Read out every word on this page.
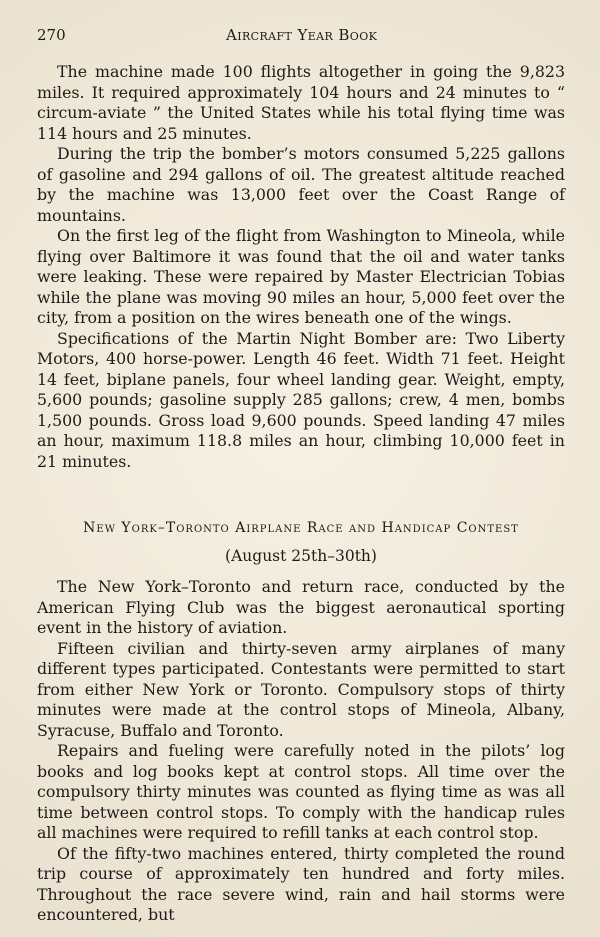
270	Aircraft Year Book

The machine made 100 flights altogether in going the 9,823 miles. It required approximately 104 hours and 24 minutes to “ circum-aviate ” the United States while his total flying time was 114 hours and 25 minutes.

During the trip the bomber’s motors consumed 5,225 gallons of gasoline and 294 gallons of oil. The greatest altitude reached by the machine was 13,000 feet over the Coast Range of mountains.

On the first leg of the flight from Washington to Mineola, while flying over Baltimore it was found that the oil and water tanks were leaking. These were repaired by Master Electrician Tobias while the plane was moving 90 miles an hour, 5,000 feet over the city, from a position on the wires beneath one of the wings.

Specifications of the Martin Night Bomber are: Two Liberty Motors, 400 horse-power. Length 46 feet. Width 71 feet. Height 14 feet, biplane panels, four wheel landing gear. Weight, empty, 5,600 pounds; gasoline supply 285 gallons; crew, 4 men, bombs 1,500 pounds. Gross load 9,600 pounds. Speed landing 47 miles an hour, maximum 118.8 miles an hour, climbing 10,000 feet in 21 minutes.

New York–Toronto Airplane Race and Handicap Contest
(August 25th–30th)

The New York–Toronto and return race, conducted by the American Flying Club was the biggest aeronautical sporting event in the history of aviation.

Fifteen civilian and thirty-seven army airplanes of many different types participated. Contestants were permitted to start from either New York or Toronto. Compulsory stops of thirty minutes were made at the control stops of Mineola, Albany, Syracuse, Buffalo and Toronto.

Repairs and fueling were carefully noted in the pilots’ log books and log books kept at control stops. All time over the compulsory thirty minutes was counted as flying time as was all time between control stops. To comply with the handicap rules all machines were required to refill tanks at each control stop.

Of the fifty-two machines entered, thirty completed the round trip course of approximately ten hundred and forty miles. Throughout the race severe wind, rain and hail storms were encountered, but
